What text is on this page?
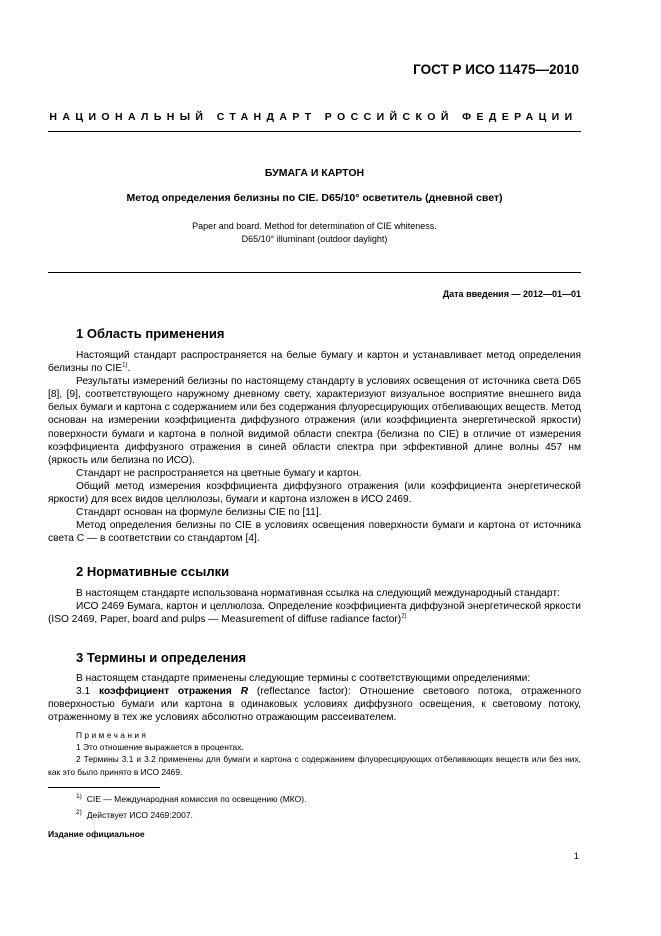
ГОСТ Р ИСО 11475—2010
НАЦИОНАЛЬНЫЙ СТАНДАРТ РОССИЙСКОЙ ФЕДЕРАЦИИ
БУМАГА И КАРТОН
Метод определения белизны по CIE. D65/10° осветитель (дневной свет)
Paper and board. Method for determination of CIE whiteness.
D65/10° illuminant (outdoor daylight)
Дата введения — 2012—01—01
1 Область применения

Настоящий стандарт распространяется на белые бумагу и картон и устанавливает метод определения белизны по CIE$^{1)}$.

Результаты измерений белизны по настоящему стандарту в условиях освещения от источника света D65 [8], [9], соответствующего наружному дневному свету, характеризуют визуальное восприятие внешнего вида белых бумаги и картона с содержанием или без содержания флуоресцирующих отбеливающих веществ. Метод основан на измерении коэффициента диффузного отражения (или коэффициента энергетической яркости) поверхности бумаги и картона в полной видимой области спектра (белизна по CIE) в отличие от измерения коэффициента диффузного отражения в синей области спектра при эффективной длине волны 457 нм (яркость или белизна по ИСО).

Стандарт не распространяется на цветные бумагу и картон.

Общий метод измерения коэффициента диффузного отражения (или коэффициента энергетической яркости) для всех видов целлюлозы, бумаги и картона изложен в ИСО 2469.

Стандарт основан на формуле белизны CIE по [11].

Метод определения белизны по CIE в условиях освещения поверхности бумаги и картона от источника света С — в соответствии со стандартом [4].

2 Нормативные ссылки

В настоящем стандарте использована нормативная ссылка на следующий международный стандарт:

ИСО 2469 Бумага, картон и целлюлоза. Определение коэффициента диффузной энергетической яркости (ISO 2469, Paper, board and pulps — Measurement of diffuse radiance factor)$^{2)}$

3 Термины и определения

В настоящем стандарте применены следующие термины с соответствующими определениями:

3.1 коэффициент отражения R (reflectance factor): Отношение светового потока, отраженного поверхностью бумаги или картона в одинаковых условиях диффузного освещения, к световому потоку, отраженному в тех же условиях абсолютно отражающим рассеивателем.

Примечания

1 Это отношение выражается в процентах.

2 Термины 3.1 и 3.2 применены для бумаги и картона с содержанием флуоресцирующих отбеливающих веществ или без них, как это было принято в ИСО 2469.

$^{1)}$ CIE — Международная комиссия по освещению (МКО).
$^{2)}$ Действует ИСО 2469:2007.
Издание официальное
1
